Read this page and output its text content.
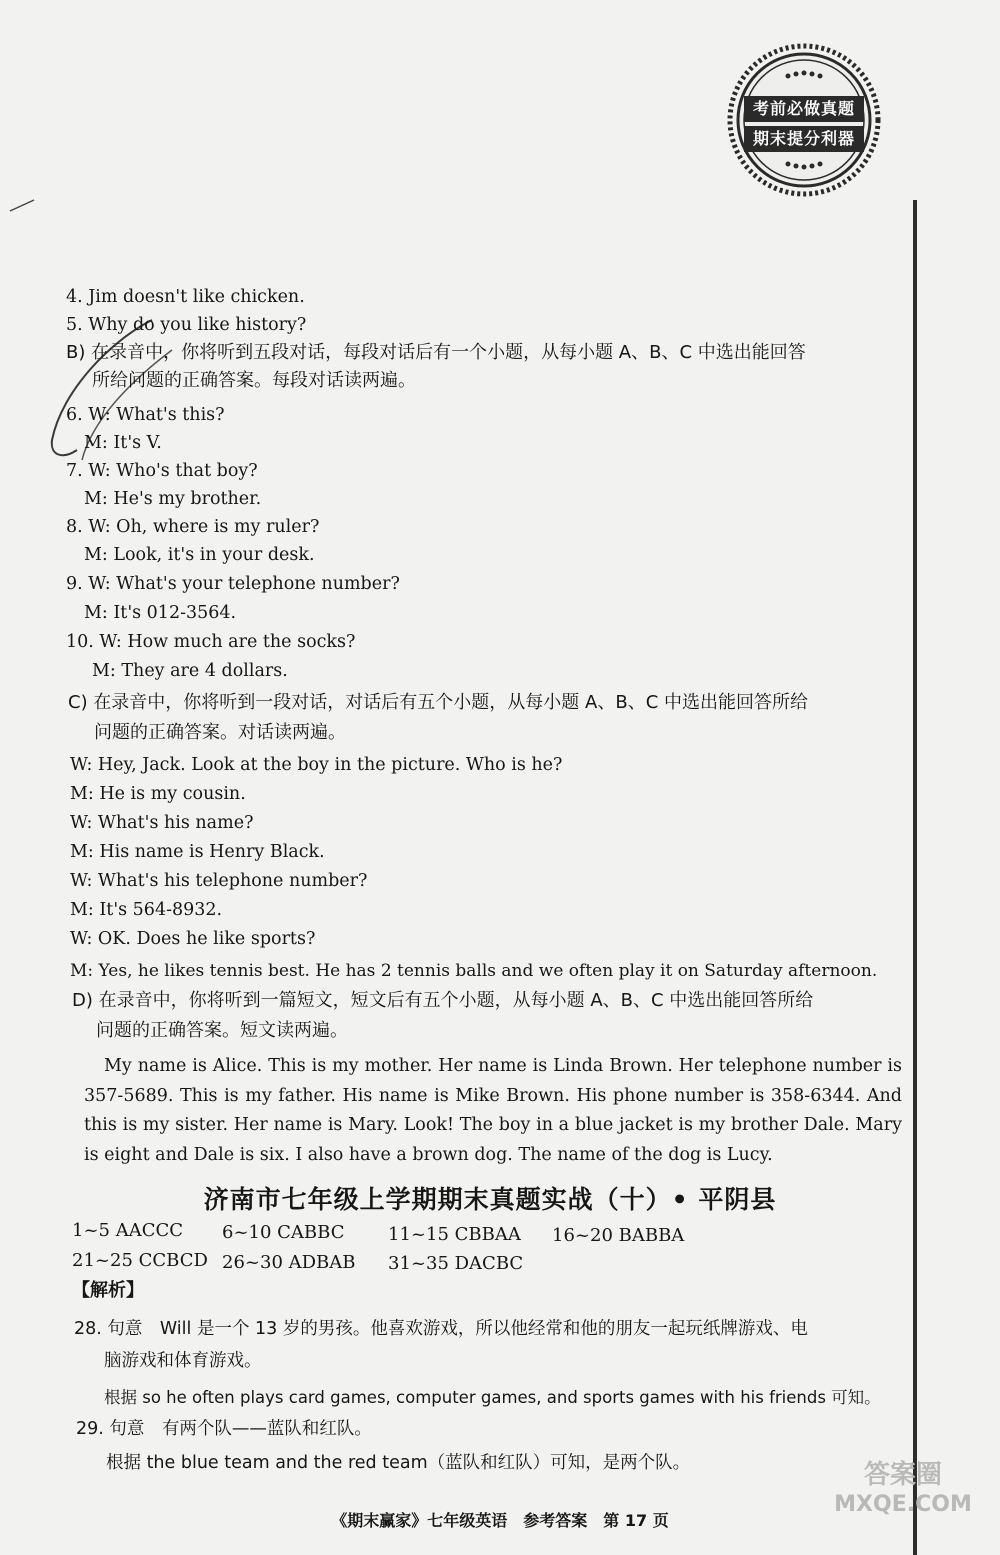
考前必做真题
期末提分利器
4. Jim doesn't like chicken.
5. Why do you like history?
B) 在录音中，你将听到五段对话，每段对话后有一个小题，从每小题 A、B、C 中选出能回答
所给问题的正确答案。每段对话读两遍。
6. W: What's this?
M: It's V.
7. W: Who's that boy?
M: He's my brother.
8. W: Oh, where is my ruler?
M: Look, it's in your desk.
9. W: What's your telephone number?
M: It's 012-3564.
10. W: How much are the socks?
M: They are 4 dollars.
C) 在录音中，你将听到一段对话，对话后有五个小题，从每小题 A、B、C 中选出能回答所给
问题的正确答案。对话读两遍。
W: Hey, Jack. Look at the boy in the picture. Who is he?
M: He is my cousin.
W: What's his name?
M: His name is Henry Black.
W: What's his telephone number?
M: It's 564-8932.
W: OK. Does he like sports?
M: Yes, he likes tennis best. He has 2 tennis balls and we often play it on Saturday afternoon.
D) 在录音中，你将听到一篇短文，短文后有五个小题，从每小题 A、B、C 中选出能回答所给
问题的正确答案。短文读两遍。
My name is Alice. This is my mother. Her name is Linda Brown. Her telephone number is 357-5689. This is my father. His name is Mike Brown. His phone number is 358-6344. And this is my sister. Her name is Mary. Look! The boy in a blue jacket is my brother Dale. Mary is eight and Dale is six. I also have a brown dog. The name of the dog is Lucy.
济南市七年级上学期期末真题实战（十）• 平阴县
1~5 AACCC 6~10 CABBC 11~15 CBBAA 16~20 BABBA
21~25 CCBCD 26~30 ADBAB 31~35 DACBC
【解析】
28. 句意　Will 是一个 13 岁的男孩。他喜欢游戏，所以他经常和他的朋友一起玩纸牌游戏、电
脑游戏和体育游戏。
根据 so he often plays card games, computer games, and sports games with his friends 可知。
29. 句意　有两个队——蓝队和红队。
根据 the blue team and the red team（蓝队和红队）可知，是两个队。
《期末赢家》七年级英语　参考答案　第 17 页
答案圈
MXQE.COM
